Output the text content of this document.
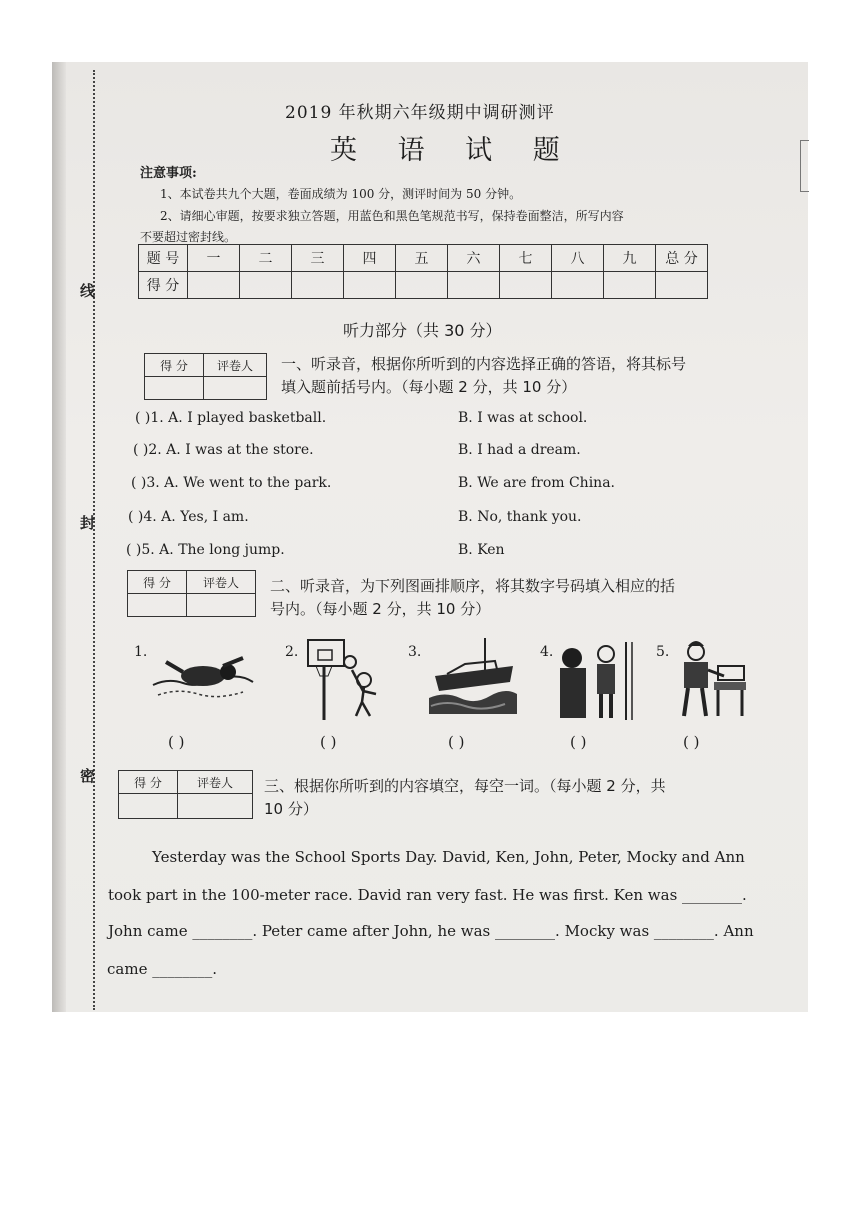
线
封
密
2019 年秋期六年级期中调研测评
英 语 试 题
注意事项:
1、本试卷共九个大题，卷面成绩为 100 分，测评时间为 50 分钟。
2、请细心审题，按要求独立答题，用蓝色和黑色笔规范书写，保持卷面整洁，所写内容
不要超过密封线。
题 号	一	二	三	四	五	六	七	八	九	总 分
得 分										
听力部分（共 30 分）
得 分	评卷人
	一、听录音，根据你所听到的内容选择正确的答语，将其标号
填入题前括号内。（每小题 2 分，共 10 分）
( )1. A. I played basketball.	B. I was at school.
( )2. A. I was at the store.	B. I had a dream.
( )3. A. We went to the park.	B. We are from China.
( )4. A. Yes, I am.	B. No, thank you.
( )5. A. The long jump.	B. Ken
得 分	评卷人
	二、听录音，为下列图画排顺序，将其数字号码填入相应的括
号内。（每小题 2 分，共 10 分）
1.	2.	3.	4.	5.
( )	( )	( )	( )	( )
得 分	评卷人
	三、根据你所听到的内容填空，每空一词。（每小题 2 分，共
10 分）
Yesterday was the School Sports Day. David, Ken, John, Peter, Mocky and Ann
took part in the 100-meter race. David ran very fast. He was first. Ken was ________.
John came ________. Peter came after John, he was ________. Mocky was ________. Ann
came ________.
